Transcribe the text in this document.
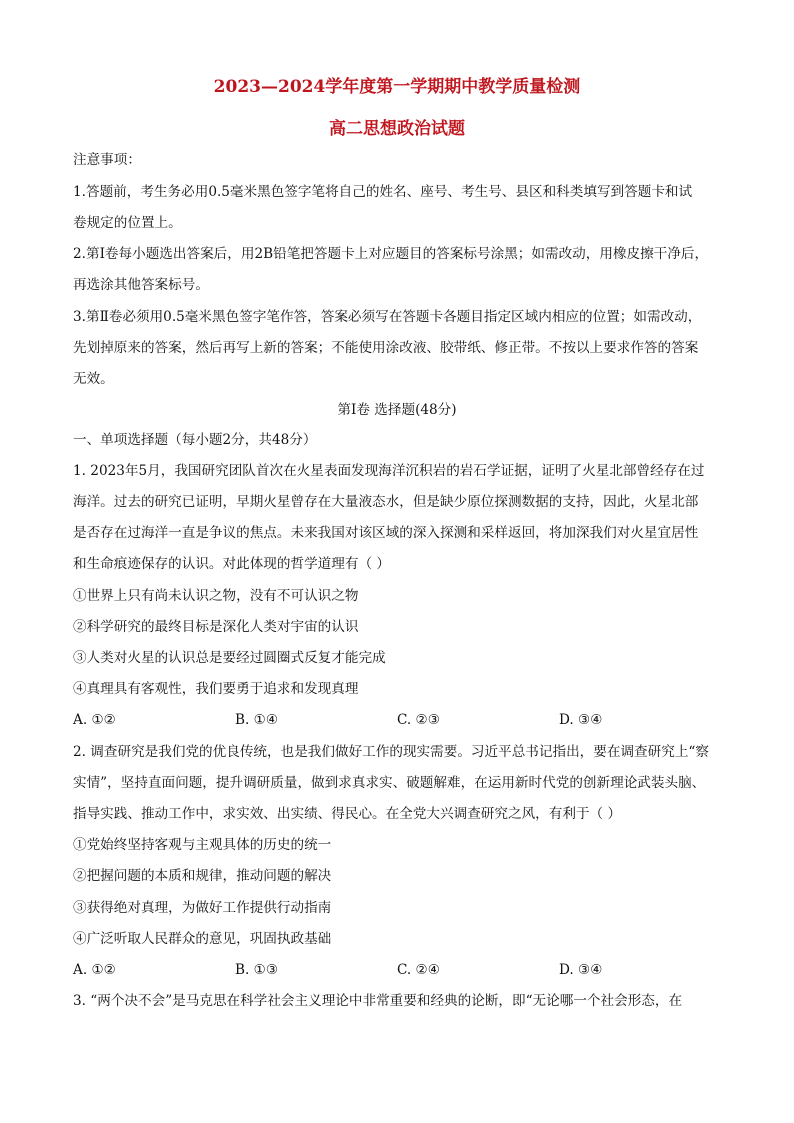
2023—2024学年度第一学期期中教学质量检测
高二思想政治试题
注意事项：
1.答题前，考生务必用0.5毫米黑色签字笔将自己的姓名、座号、考生号、县区和科类填写到答题卡和试
卷规定的位置上。
2.第Ⅰ卷每小题选出答案后，用2B铅笔把答题卡上对应题目的答案标号涂黑；如需改动，用橡皮擦干净后，
再选涂其他答案标号。
3.第Ⅱ卷必须用0.5毫米黑色签字笔作答，答案必须写在答题卡各题目指定区域内相应的位置；如需改动，
先划掉原来的答案，然后再写上新的答案；不能使用涂改液、胶带纸、修正带。不按以上要求作答的答案
无效。
第Ⅰ卷 选择题(48分)
一、单项选择题（每小题2分，共48分）
1. 2023年5月，我国研究团队首次在火星表面发现海洋沉积岩的岩石学证据，证明了火星北部曾经存在过
海洋。过去的研究已证明，早期火星曾存在大量液态水，但是缺少原位探测数据的支持，因此，火星北部
是否存在过海洋一直是争议的焦点。未来我国对该区域的深入探测和采样返回，将加深我们对火星宜居性
和生命痕迹保存的认识。对此体现的哲学道理有（ ）
①世界上只有尚未认识之物，没有不可认识之物
②科学研究的最终目标是深化人类对宇宙的认识
③人类对火星的认识总是要经过圆圈式反复才能完成
④真理具有客观性，我们要勇于追求和发现真理
A. ①②	B. ①④	C. ②③	D. ③④
2. 调查研究是我们党的优良传统，也是我们做好工作的现实需要。习近平总书记指出，要在调查研究上“察
实情”，坚持直面问题，提升调研质量，做到求真求实、破题解难，在运用新时代党的创新理论武装头脑、
指导实践、推动工作中，求实效、出实绩、得民心。在全党大兴调查研究之风，有利于（ ）
①党始终坚持客观与主观具体的历史的统一
②把握问题的本质和规律，推动问题的解决
③获得绝对真理，为做好工作提供行动指南
④广泛听取人民群众的意见，巩固执政基础
A. ①②	B. ①③	C. ②④	D. ③④
3. “两个决不会”是马克思在科学社会主义理论中非常重要和经典的论断，即“无论哪一个社会形态，在
